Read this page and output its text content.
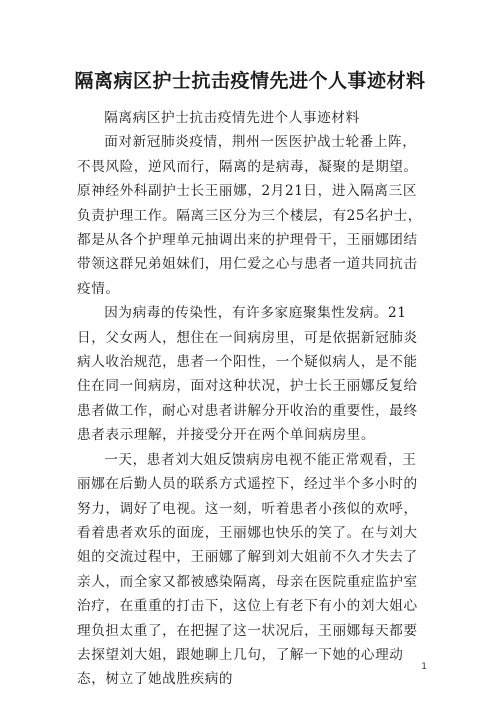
隔离病区护士抗击疫情先进个人事迹材料

隔离病区护士抗击疫情先进个人事迹材料

面对新冠肺炎疫情，荆州一医医护战士轮番上阵，不畏风险，逆风而行，隔离的是病毒，凝聚的是期望。原神经外科副护士长王丽娜，2月21日，进入隔离三区负责护理工作。隔离三区分为三个楼层，有25名护士，都是从各个护理单元抽调出来的护理骨干，王丽娜团结带领这群兄弟姐妹们，用仁爱之心与患者一道共同抗击疫情。

因为病毒的传染性，有许多家庭聚集性发病。21日，父女两人，想住在一间病房里，可是依据新冠肺炎病人收治规范，患者一个阳性，一个疑似病人，是不能住在同一间病房，面对这种状况，护士长王丽娜反复给患者做工作，耐心对患者讲解分开收治的重要性，最终患者表示理解，并接受分开在两个单间病房里。

一天，患者刘大姐反馈病房电视不能正常观看，王丽娜在后勤人员的联系方式遥控下，经过半个多小时的努力，调好了电视。这一刻，听着患者小孩似的欢呼，看着患者欢乐的面庞，王丽娜也快乐的笑了。在与刘大姐的交流过程中，王丽娜了解到刘大姐前不久才失去了亲人，而全家又都被感染隔离，母亲在医院重症监护室治疗，在重重的打击下，这位上有老下有小的刘大姐心理负担太重了，在把握了这一状况后，王丽娜每天都要去探望刘大姐，跟她聊上几句，了解一下她的心理动态，树立了她战胜疾病的

1
